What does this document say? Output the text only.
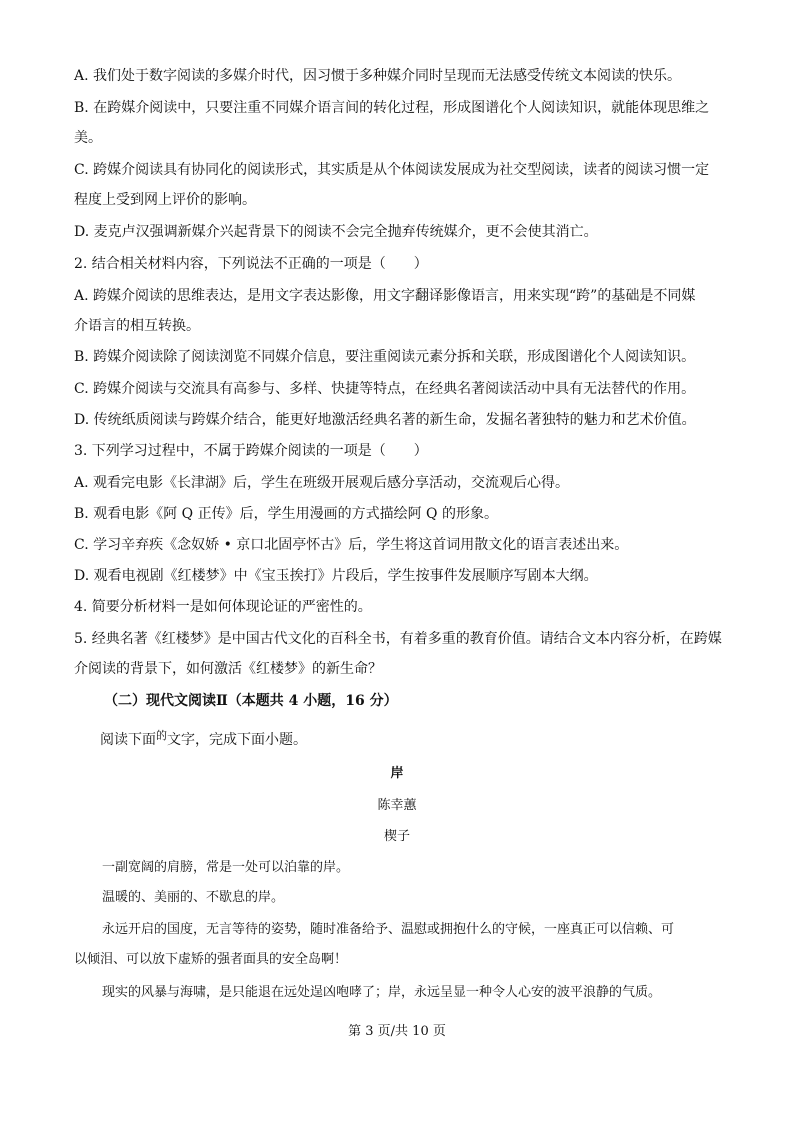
A. 我们处于数字阅读的多媒介时代，因习惯于多种媒介同时呈现而无法感受传统文本阅读的快乐。
B. 在跨媒介阅读中，只要注重不同媒介语言间的转化过程，形成图谱化个人阅读知识，就能体现思维之
美。
C. 跨媒介阅读具有协同化的阅读形式，其实质是从个体阅读发展成为社交型阅读，读者的阅读习惯一定
程度上受到网上评价的影响。
D. 麦克卢汉强调新媒介兴起背景下的阅读不会完全抛弃传统媒介，更不会使其消亡。
2. 结合相关材料内容，下列说法不正确的一项是（　　）
A. 跨媒介阅读的思维表达，是用文字表达影像，用文字翻译影像语言，用来实现“跨”的基础是不同媒
介语言的相互转换。
B. 跨媒介阅读除了阅读浏览不同媒介信息，要注重阅读元素分拆和关联，形成图谱化个人阅读知识。
C. 跨媒介阅读与交流具有高参与、多样、快捷等特点，在经典名著阅读活动中具有无法替代的作用。
D. 传统纸质阅读与跨媒介结合，能更好地激活经典名著的新生命，发掘名著独特的魅力和艺术价值。
3. 下列学习过程中，不属于跨媒介阅读的一项是（　　）
A. 观看完电影《长津湖》后，学生在班级开展观后感分享活动，交流观后心得。
B. 观看电影《阿 Q 正传》后，学生用漫画的方式描绘阿 Q 的形象。
C. 学习辛弃疾《念奴娇 • 京口北固亭怀古》后，学生将这首词用散文化的语言表述出来。
D. 观看电视剧《红楼梦》中《宝玉挨打》片段后，学生按事件发展顺序写剧本大纲。
4. 简要分析材料一是如何体现论证的严密性的。
5. 经典名著《红楼梦》是中国古代文化的百科全书，有着多重的教育价值。请结合文本内容分析，在跨媒
介阅读的背景下，如何激活《红楼梦》的新生命？
（二）现代文阅读Ⅱ（本题共 4 小题，16 分）
阅读下面$^的$文字，完成下面小题。
岸
陈幸蕙
楔子
一副宽阔的肩膀，常是一处可以泊靠的岸。
温暖的、美丽的、不歇息的岸。
永远开启的国度，无言等待的姿势，随时准备给予、温慰或拥抱什么的守候，一座真正可以信赖、可
以倾泪、可以放下虚矫的强者面具的安全岛啊！
现实的风暴与海啸，是只能退在远处逞凶咆哮了；岸，永远呈显一种令人心安的波平浪静的气质。
第 3 页/共 10 页
